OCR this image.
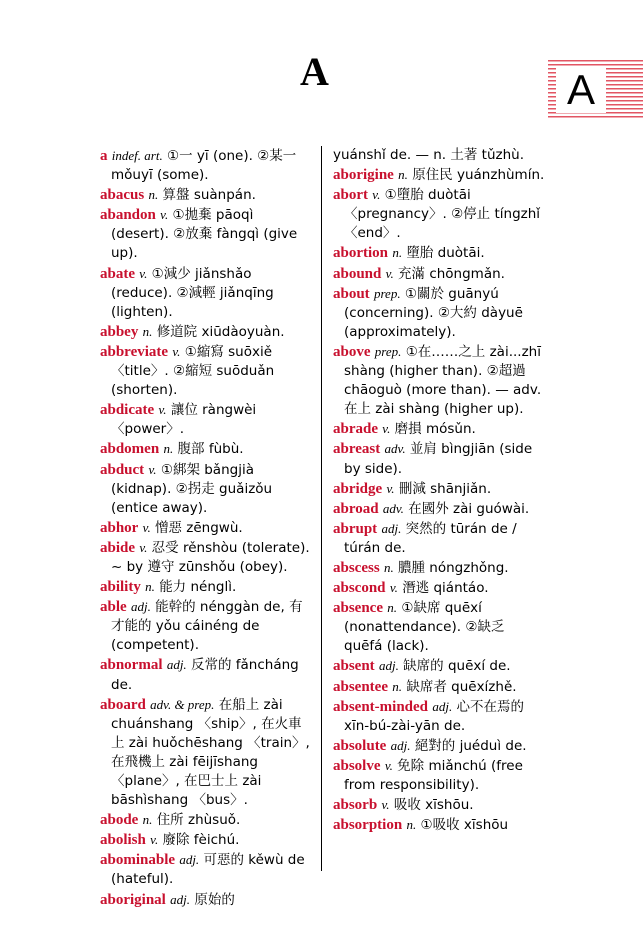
A	A
a indef. art. ①一 yī (one). ②某一 mǒuyī (some).
abacus n. 算盤 suànpán.
abandon v. ①拋棄 pāoqì (desert). ②放棄 fàngqì (give up).
abate v. ①減少 jiǎnshǎo (reduce). ②減輕 jiǎnqīng (lighten).
abbey n. 修道院 xiūdàoyuàn.
abbreviate v. ①縮寫 suōxiě 〈title〉. ②縮短 suōduǎn (shorten).
abdicate v. 讓位 ràngwèi 〈power〉.
abdomen n. 腹部 fùbù.
abduct v. ①綁架 bǎngjià (kidnap). ②拐走 guǎizǒu (entice away).
abhor v. 憎惡 zēngwù.
abide v. 忍受 rěnshòu (tolerate). ~ by 遵守 zūnshǒu (obey).
ability n. 能力 nénglì.
able adj. 能幹的 nénggàn de, 有才能的 yǒu cáinéng de (competent).
abnormal adj. 反常的 fǎncháng de.
aboard adv. & prep. 在船上 zài chuánshang 〈ship〉, 在火車上 zài huǒchēshang 〈train〉, 在飛機上 zài fēijīshang 〈plane〉, 在巴士上 zài bāshìshang 〈bus〉.
abode n. 住所 zhùsuǒ.
abolish v. 廢除 fèichú.
abominable adj. 可惡的 kěwù de (hateful).
aboriginal adj. 原始的
yuánshǐ de. — n. 土著 tǔzhù.
aborigine n. 原住民 yuánzhùmín.
abort v. ①墮胎 duòtāi 〈pregnancy〉. ②停止 tíngzhǐ 〈end〉.
abortion n. 墮胎 duòtāi.
abound v. 充滿 chōngmǎn.
about prep. ①關於 guānyú (concerning). ②大約 dàyuē (approximately).
above prep. ①在……之上 zài...zhī shàng (higher than). ②超過 chāoguò (more than). — adv. 在上 zài shàng (higher up).
abrade v. 磨損 mósǔn.
abreast adv. 並肩 bìngjiān (side by side).
abridge v. 刪減 shānjiǎn.
abroad adv. 在國外 zài guówài.
abrupt adj. 突然的 tūrán de / túrán de.
abscess n. 膿腫 nóngzhǒng.
abscond v. 潛逃 qiántáo.
absence n. ①缺席 quēxí (nonattendance). ②缺乏 quēfá (lack).
absent adj. 缺席的 quēxí de.
absentee n. 缺席者 quēxízhě.
absent-minded adj. 心不在焉的 xīn-bú-zài-yān de.
absolute adj. 絕對的 juéduì de.
absolve v. 免除 miǎnchú (free from responsibility).
absorb v. 吸收 xīshōu.
absorption n. ①吸收 xīshōu
